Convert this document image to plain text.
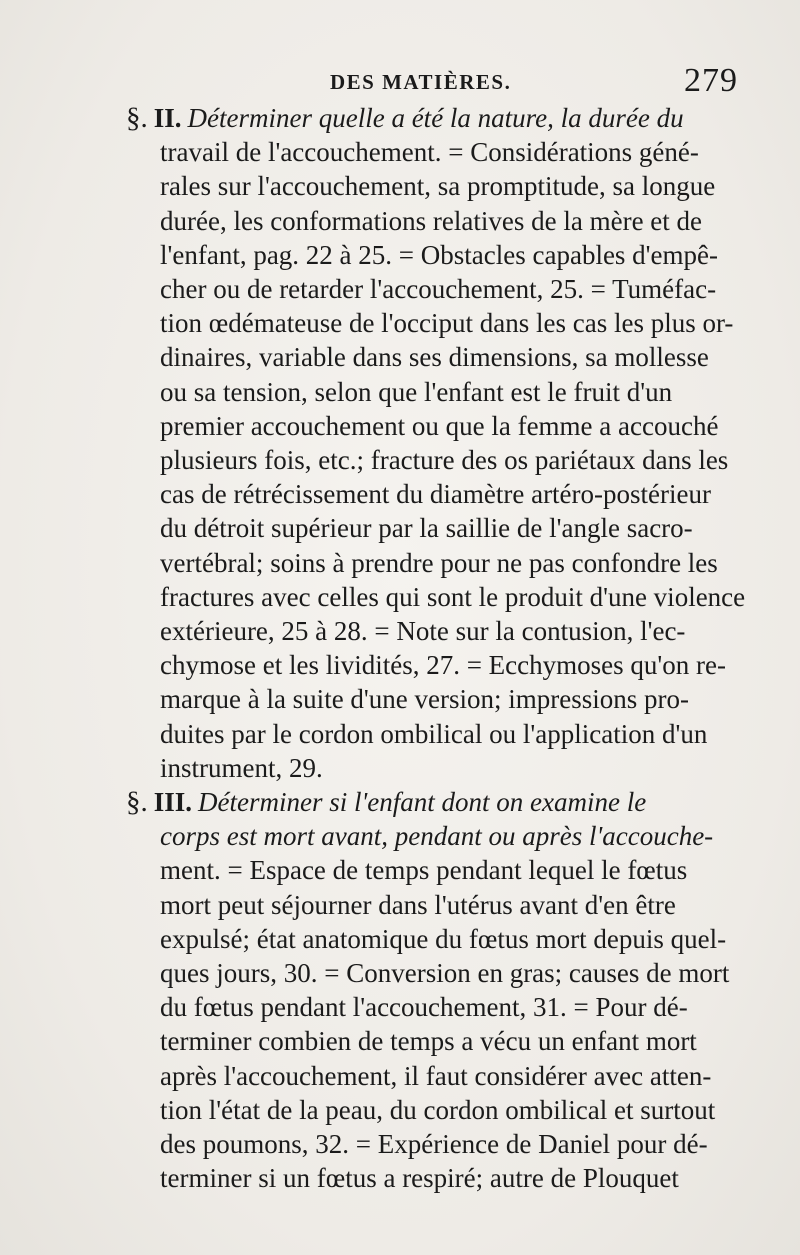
DES MATIÈRES.	279
§. II. Déterminer quelle a été la nature, la durée du
travail de l'accouchement. = Considérations géné-
rales sur l'accouchement, sa promptitude, sa longue
durée, les conformations relatives de la mère et de
l'enfant, pag. 22 à 25. = Obstacles capables d'empê-
cher ou de retarder l'accouchement, 25. = Tuméfac-
tion œdémateuse de l'occiput dans les cas les plus or-
dinaires, variable dans ses dimensions, sa mollesse
ou sa tension, selon que l'enfant est le fruit d'un
premier accouchement ou que la femme a accouché
plusieurs fois, etc.; fracture des os pariétaux dans les
cas de rétrécissement du diamètre artéro-postérieur
du détroit supérieur par la saillie de l'angle sacro-
vertébral; soins à prendre pour ne pas confondre les
fractures avec celles qui sont le produit d'une violence
extérieure, 25 à 28. = Note sur la contusion, l'ec-
chymose et les lividités, 27. = Ecchymoses qu'on re-
marque à la suite d'une version; impressions pro-
duites par le cordon ombilical ou l'application d'un
instrument, 29.
§. III. Déterminer si l'enfant dont on examine le
corps est mort avant, pendant ou après l'accouche-
ment. = Espace de temps pendant lequel le fœtus
mort peut séjourner dans l'utérus avant d'en être
expulsé; état anatomique du fœtus mort depuis quel-
ques jours, 30. = Conversion en gras; causes de mort
du fœtus pendant l'accouchement, 31. = Pour dé-
terminer combien de temps a vécu un enfant mort
après l'accouchement, il faut considérer avec atten-
tion l'état de la peau, du cordon ombilical et surtout
des poumons, 32. = Expérience de Daniel pour dé-
terminer si un fœtus a respiré; autre de Plouquet
